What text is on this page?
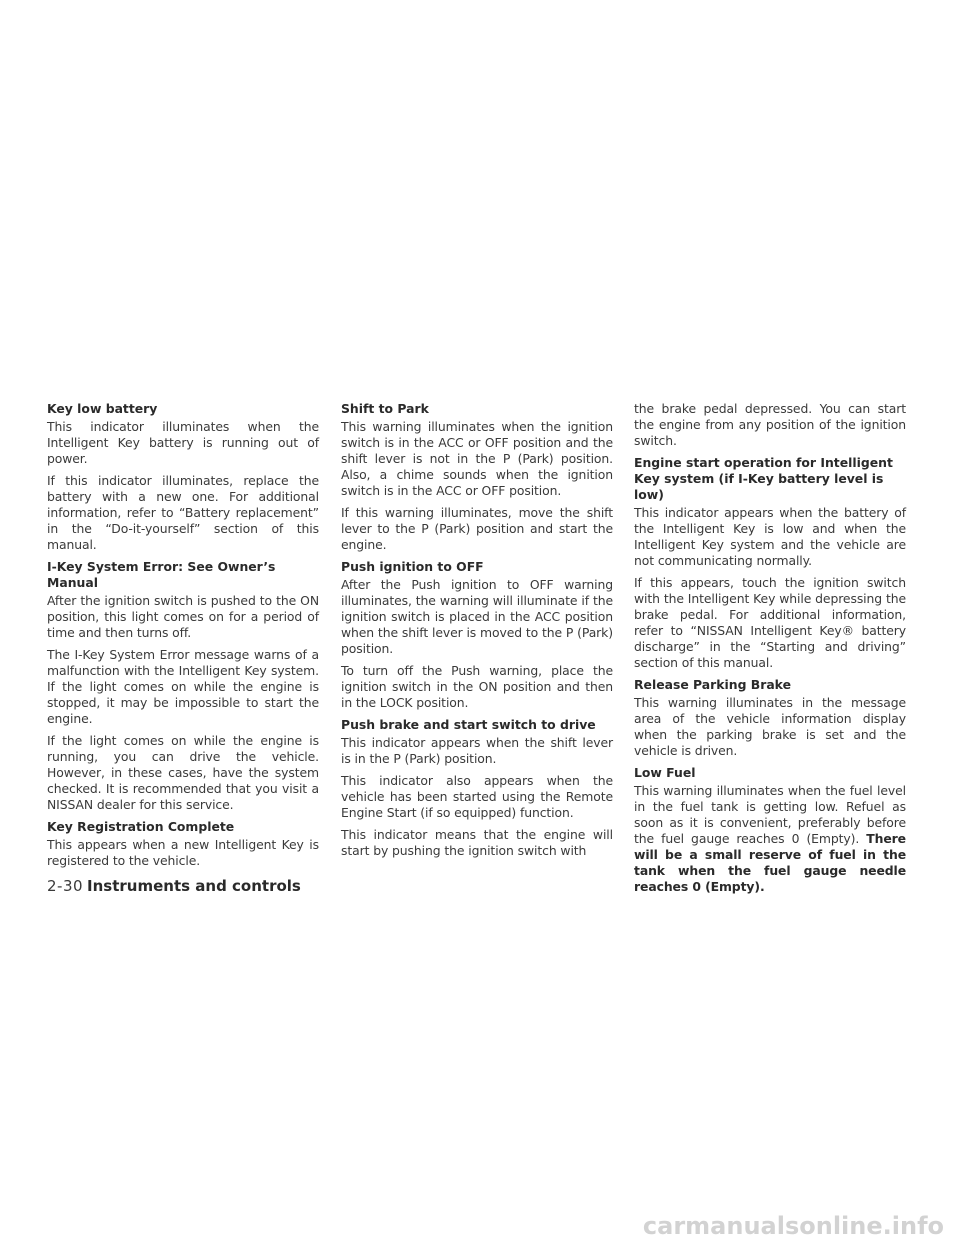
Key low battery

This indicator illuminates when the Intelligent Key battery is running out of power.

If this indicator illuminates, replace the battery with a new one. For additional information, refer to “Battery replacement” in the “Do-it-yourself” section of this manual.

I-Key System Error: See Owner’s Manual

After the ignition switch is pushed to the ON position, this light comes on for a period of time and then turns off.

The I-Key System Error message warns of a malfunction with the Intelligent Key system. If the light comes on while the engine is stopped, it may be impossible to start the engine.

If the light comes on while the engine is running, you can drive the vehicle. However, in these cases, have the system checked. It is recommended that you visit a NISSAN dealer for this service.

Key Registration Complete

This appears when a new Intelligent Key is registered to the vehicle.

Shift to Park

This warning illuminates when the ignition switch is in the ACC or OFF position and the shift lever is not in the P (Park) position. Also, a chime sounds when the ignition switch is in the ACC or OFF position.

If this warning illuminates, move the shift lever to the P (Park) position and start the engine.

Push ignition to OFF

After the Push ignition to OFF warning illuminates, the warning will illuminate if the ignition switch is placed in the ACC position when the shift lever is moved to the P (Park) position.

To turn off the Push warning, place the ignition switch in the ON position and then in the LOCK position.

Push brake and start switch to drive

This indicator appears when the shift lever is in the P (Park) position.

This indicator also appears when the vehicle has been started using the Remote Engine Start (if so equipped) function.

This indicator means that the engine will start by pushing the ignition switch with

the brake pedal depressed. You can start the engine from any position of the ignition switch.

Engine start operation for Intelligent Key system (if I-Key battery level is low)

This indicator appears when the battery of the Intelligent Key is low and when the Intelligent Key system and the vehicle are not communicating normally.

If this appears, touch the ignition switch with the Intelligent Key while depressing the brake pedal. For additional information, refer to “NISSAN Intelligent Key® battery discharge” in the “Starting and driving” section of this manual.

Release Parking Brake

This warning illuminates in the message area of the vehicle information display when the parking brake is set and the vehicle is driven.

Low Fuel

This warning illuminates when the fuel level in the fuel tank is getting low. Refuel as soon as it is convenient, preferably before the fuel gauge reaches 0 (Empty). There will be a small reserve of fuel in the tank when the fuel gauge needle reaches 0 (Empty).

2-30 Instruments and controls
carmanualsonline.info
